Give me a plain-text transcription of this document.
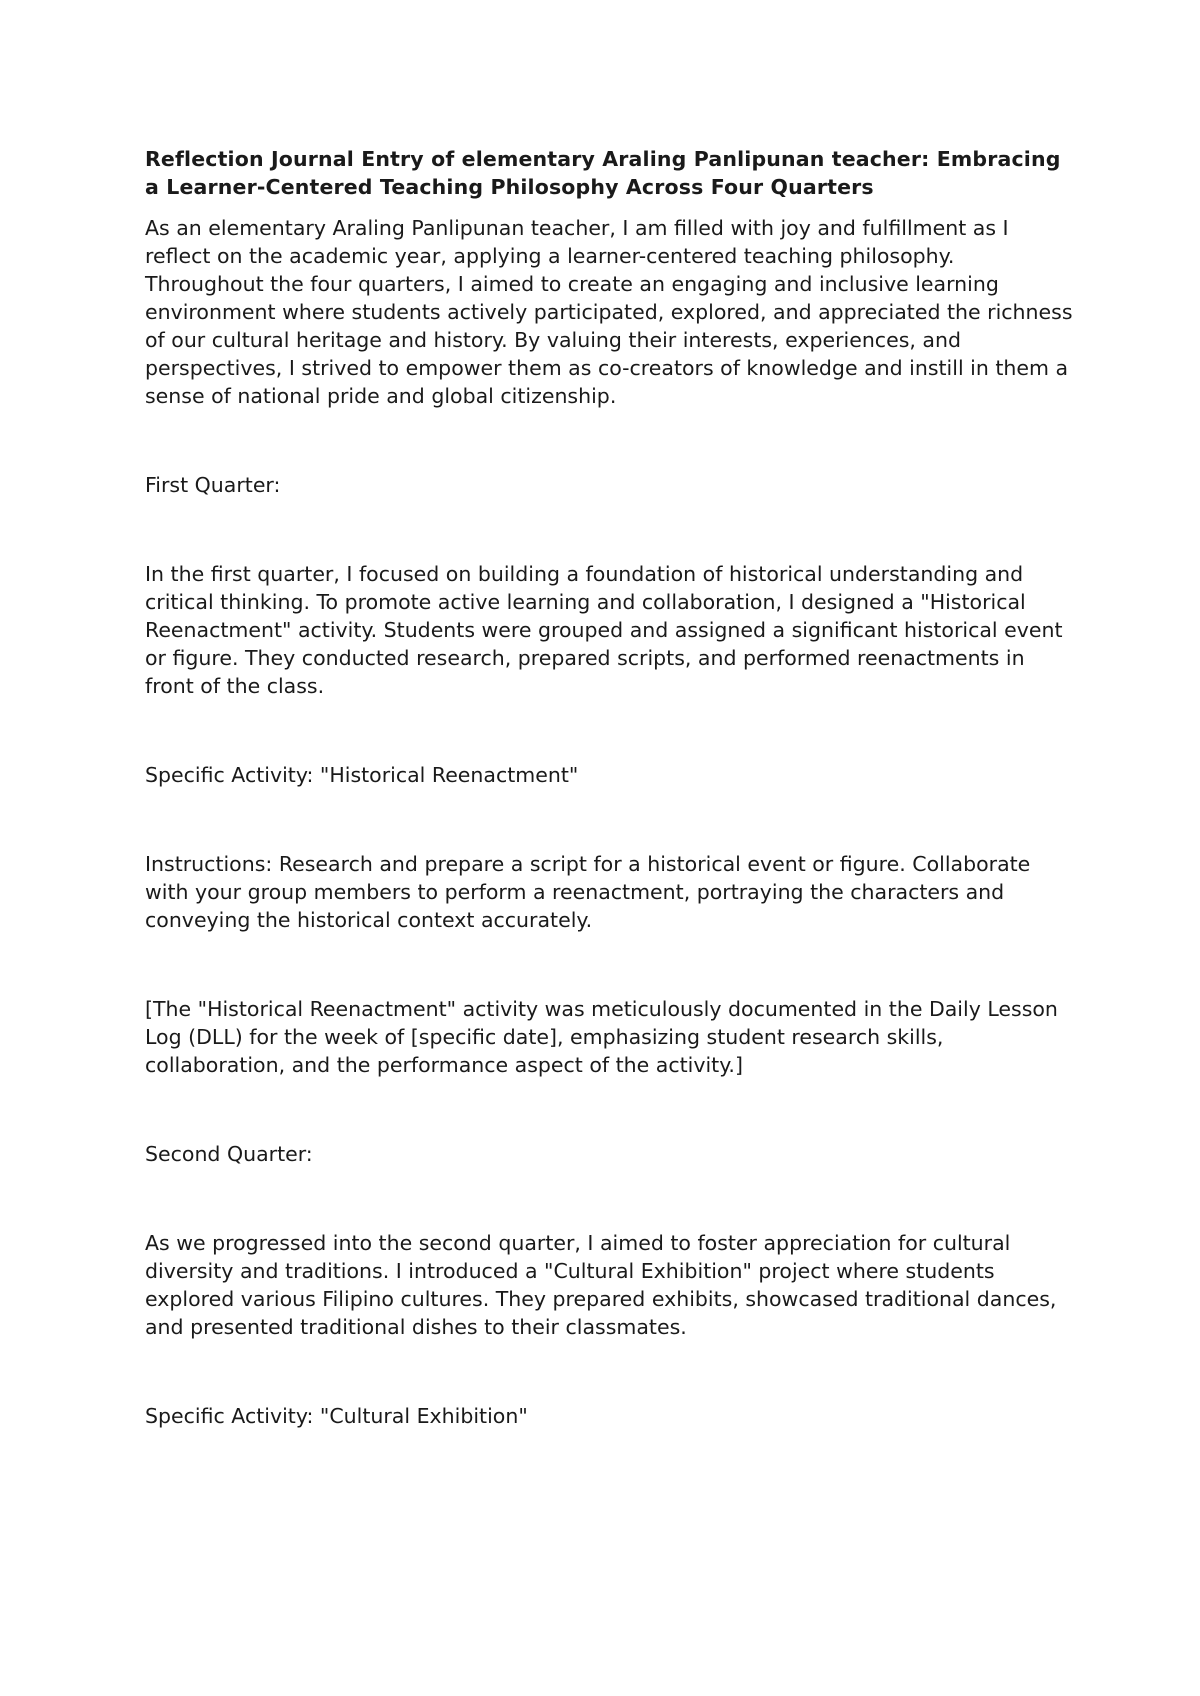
Reflection Journal Entry of elementary Araling Panlipunan teacher: Embracing a Learner-Centered Teaching Philosophy Across Four Quarters

As an elementary Araling Panlipunan teacher, I am filled with joy and fulfillment as I reflect on the academic year, applying a learner-centered teaching philosophy. Throughout the four quarters, I aimed to create an engaging and inclusive learning environment where students actively participated, explored, and appreciated the richness of our cultural heritage and history. By valuing their interests, experiences, and perspectives, I strived to empower them as co-creators of knowledge and instill in them a sense of national pride and global citizenship.

First Quarter:

In the first quarter, I focused on building a foundation of historical understanding and critical thinking. To promote active learning and collaboration, I designed a "Historical Reenactment" activity. Students were grouped and assigned a significant historical event or figure. They conducted research, prepared scripts, and performed reenactments in front of the class.

Specific Activity: "Historical Reenactment"

Instructions: Research and prepare a script for a historical event or figure. Collaborate with your group members to perform a reenactment, portraying the characters and conveying the historical context accurately.

[The "Historical Reenactment" activity was meticulously documented in the Daily Lesson Log (DLL) for the week of [specific date], emphasizing student research skills, collaboration, and the performance aspect of the activity.]

Second Quarter:

As we progressed into the second quarter, I aimed to foster appreciation for cultural diversity and traditions. I introduced a "Cultural Exhibition" project where students explored various Filipino cultures. They prepared exhibits, showcased traditional dances, and presented traditional dishes to their classmates.

Specific Activity: "Cultural Exhibition"
